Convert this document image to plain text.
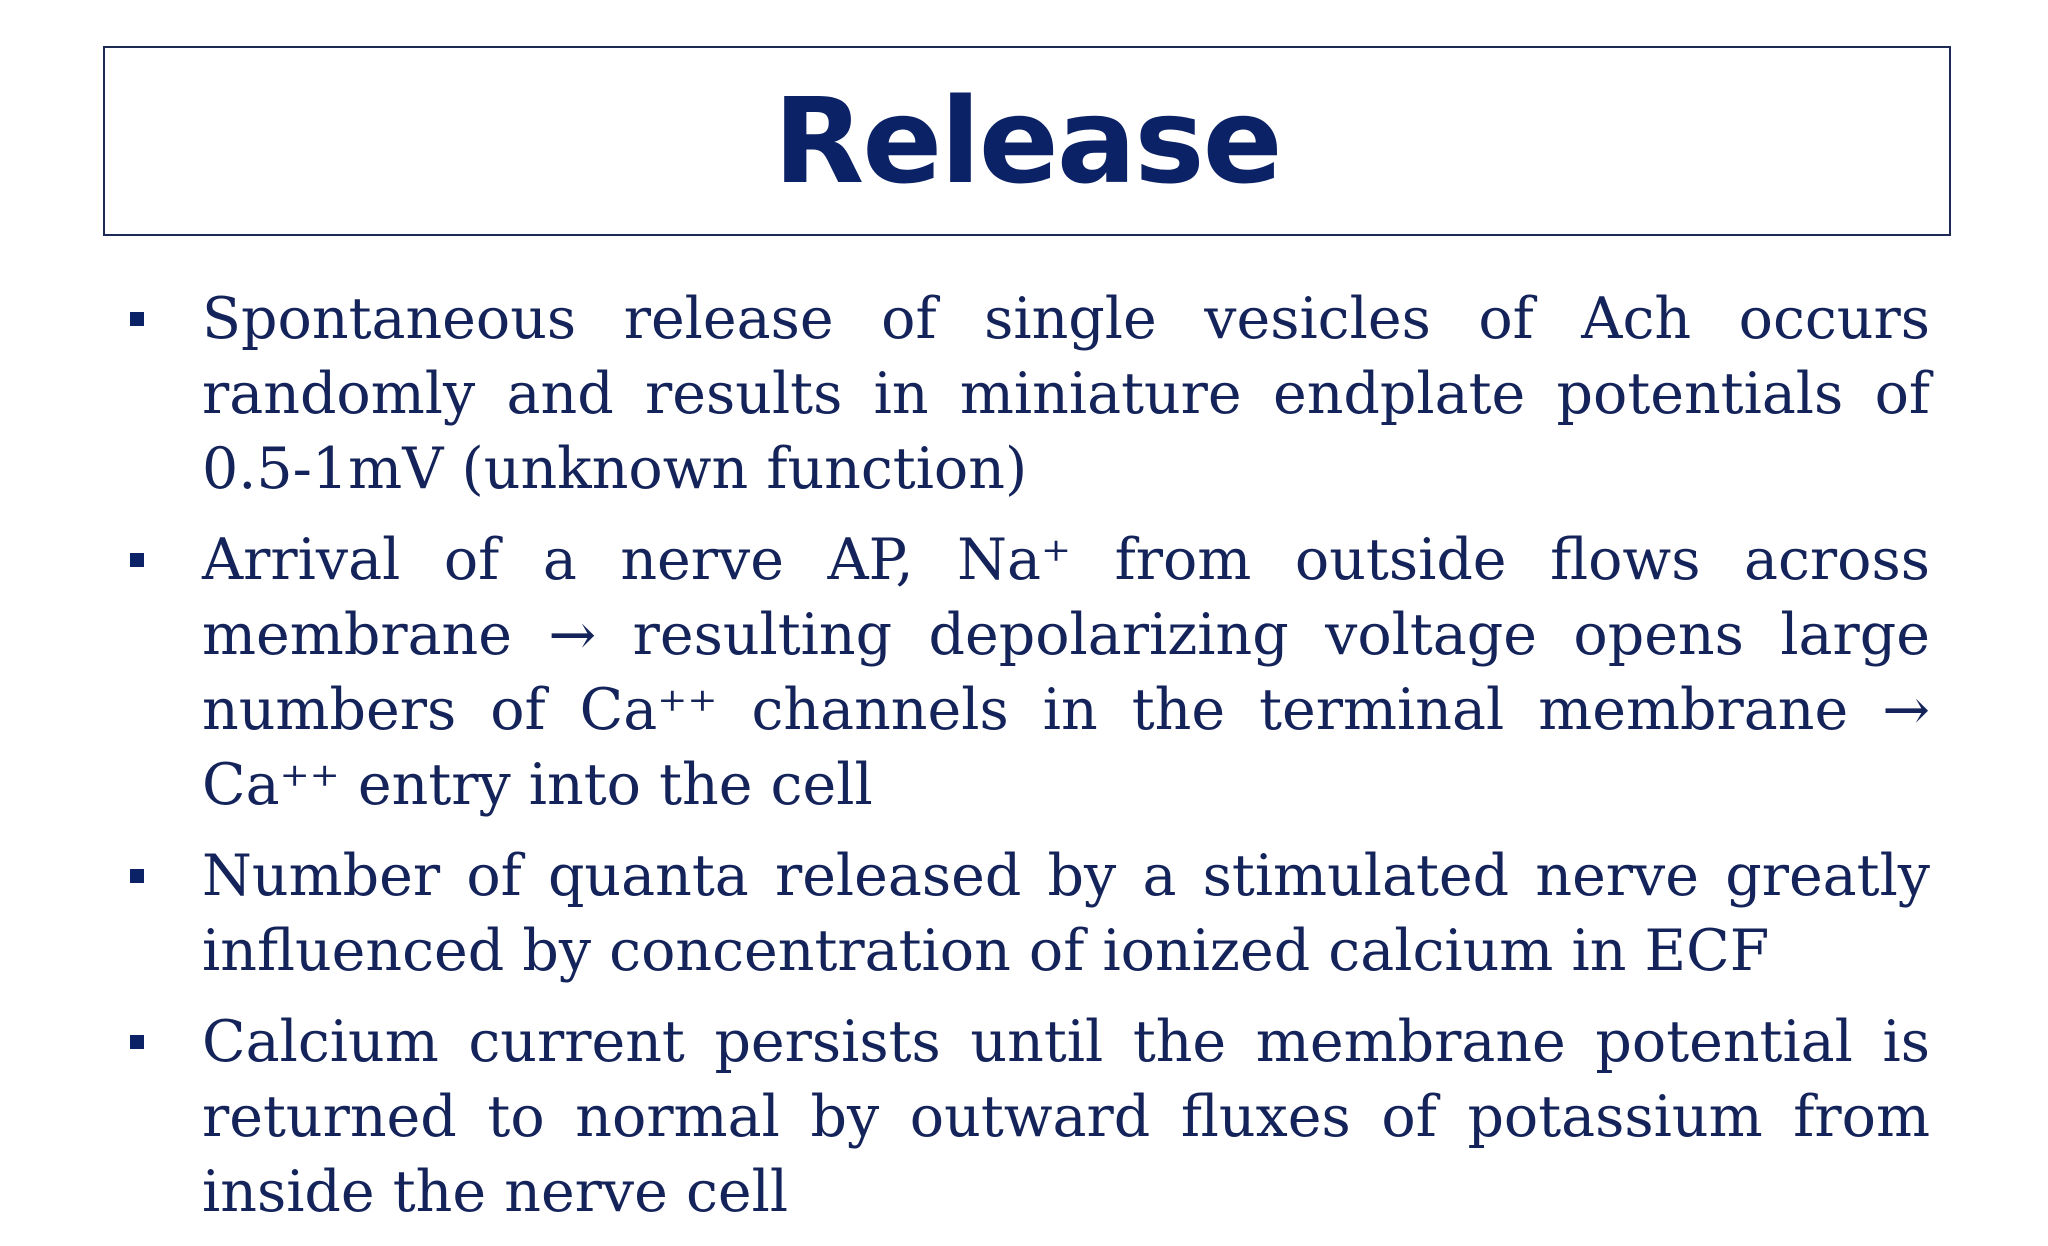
Release
Spontaneous release of single vesicles of Ach occurs randomly and results in miniature endplate potentials of 0.5-1mV (unknown function)
Arrival of a nerve AP, Na⁺ from outside flows across membrane → resulting depolarizing voltage opens large numbers of Ca⁺⁺ channels in the terminal membrane → Ca⁺⁺ entry into the cell
Number of quanta released by a stimulated nerve greatly influenced by concentration of ionized calcium in ECF
Calcium current persists until the membrane potential is returned to normal by outward fluxes of potassium from inside the nerve cell
